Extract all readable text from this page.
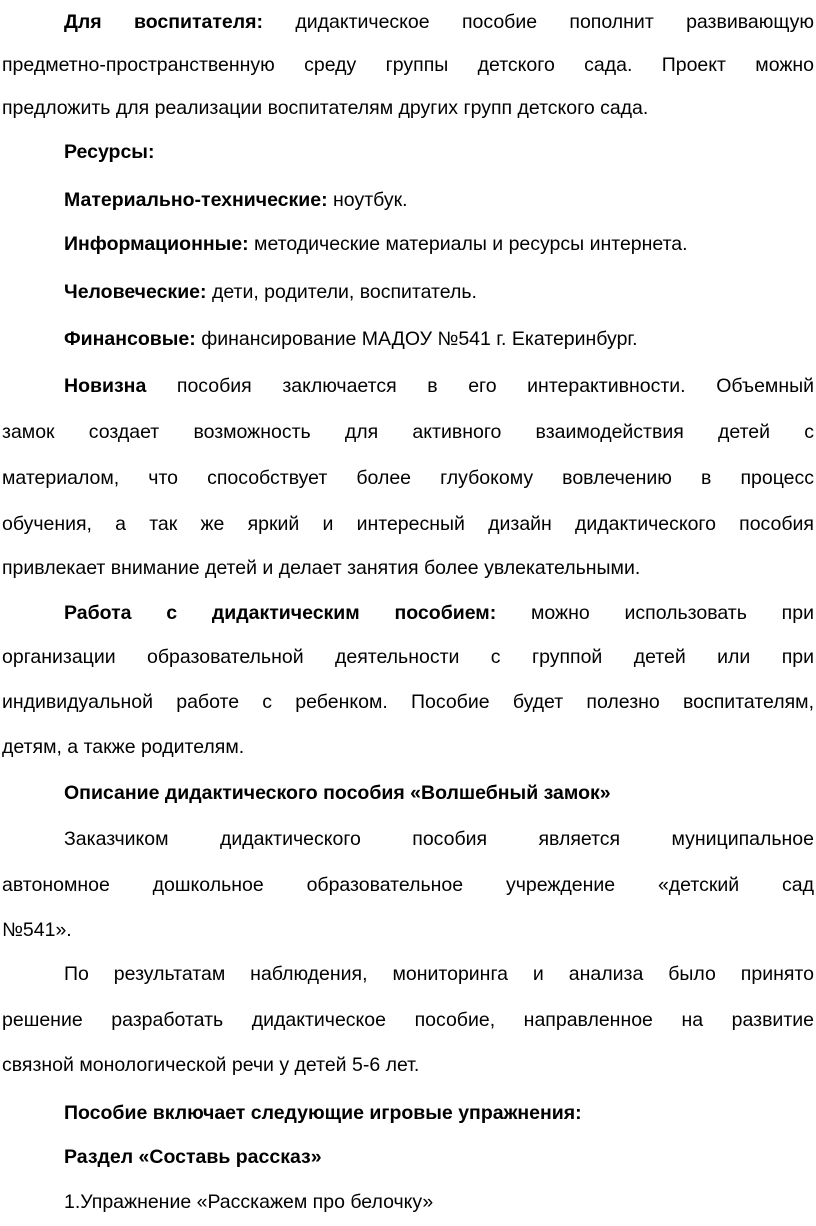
Для воспитателя: дидактическое пособие пополнит развивающую
предметно-пространственную среду группы детского сада. Проект можно
предложить для реализации воспитателям других групп детского сада.
Ресурсы:
Материально-технические: ноутбук.
Информационные: методические материалы и ресурсы интернета.
Человеческие: дети, родители, воспитатель.
Финансовые: финансирование МАДОУ №541 г. Екатеринбург.
Новизна пособия заключается в его интерактивности. Объемный
замок создает возможность для активного взаимодействия детей с
материалом, что способствует более глубокому вовлечению в процесс
обучения, а так же яркий и интересный дизайн дидактического пособия
привлекает внимание детей и делает занятия более увлекательными.
Работа с дидактическим пособием: можно использовать при
организации образовательной деятельности с группой детей или при
индивидуальной работе с ребенком. Пособие будет полезно воспитателям,
детям, а также родителям.
Описание дидактического пособия «Волшебный замок»
Заказчиком дидактического пособия является муниципальное
автономное дошкольное образовательное учреждение «детский сад
№541».
По результатам наблюдения, мониторинга и анализа было принято
решение разработать дидактическое пособие, направленное на развитие
связной монологической речи у детей 5-6 лет.
Пособие включает следующие игровые упражнения:
Раздел «Составь рассказ»
1.Упражнение «Расскажем про белочку»
